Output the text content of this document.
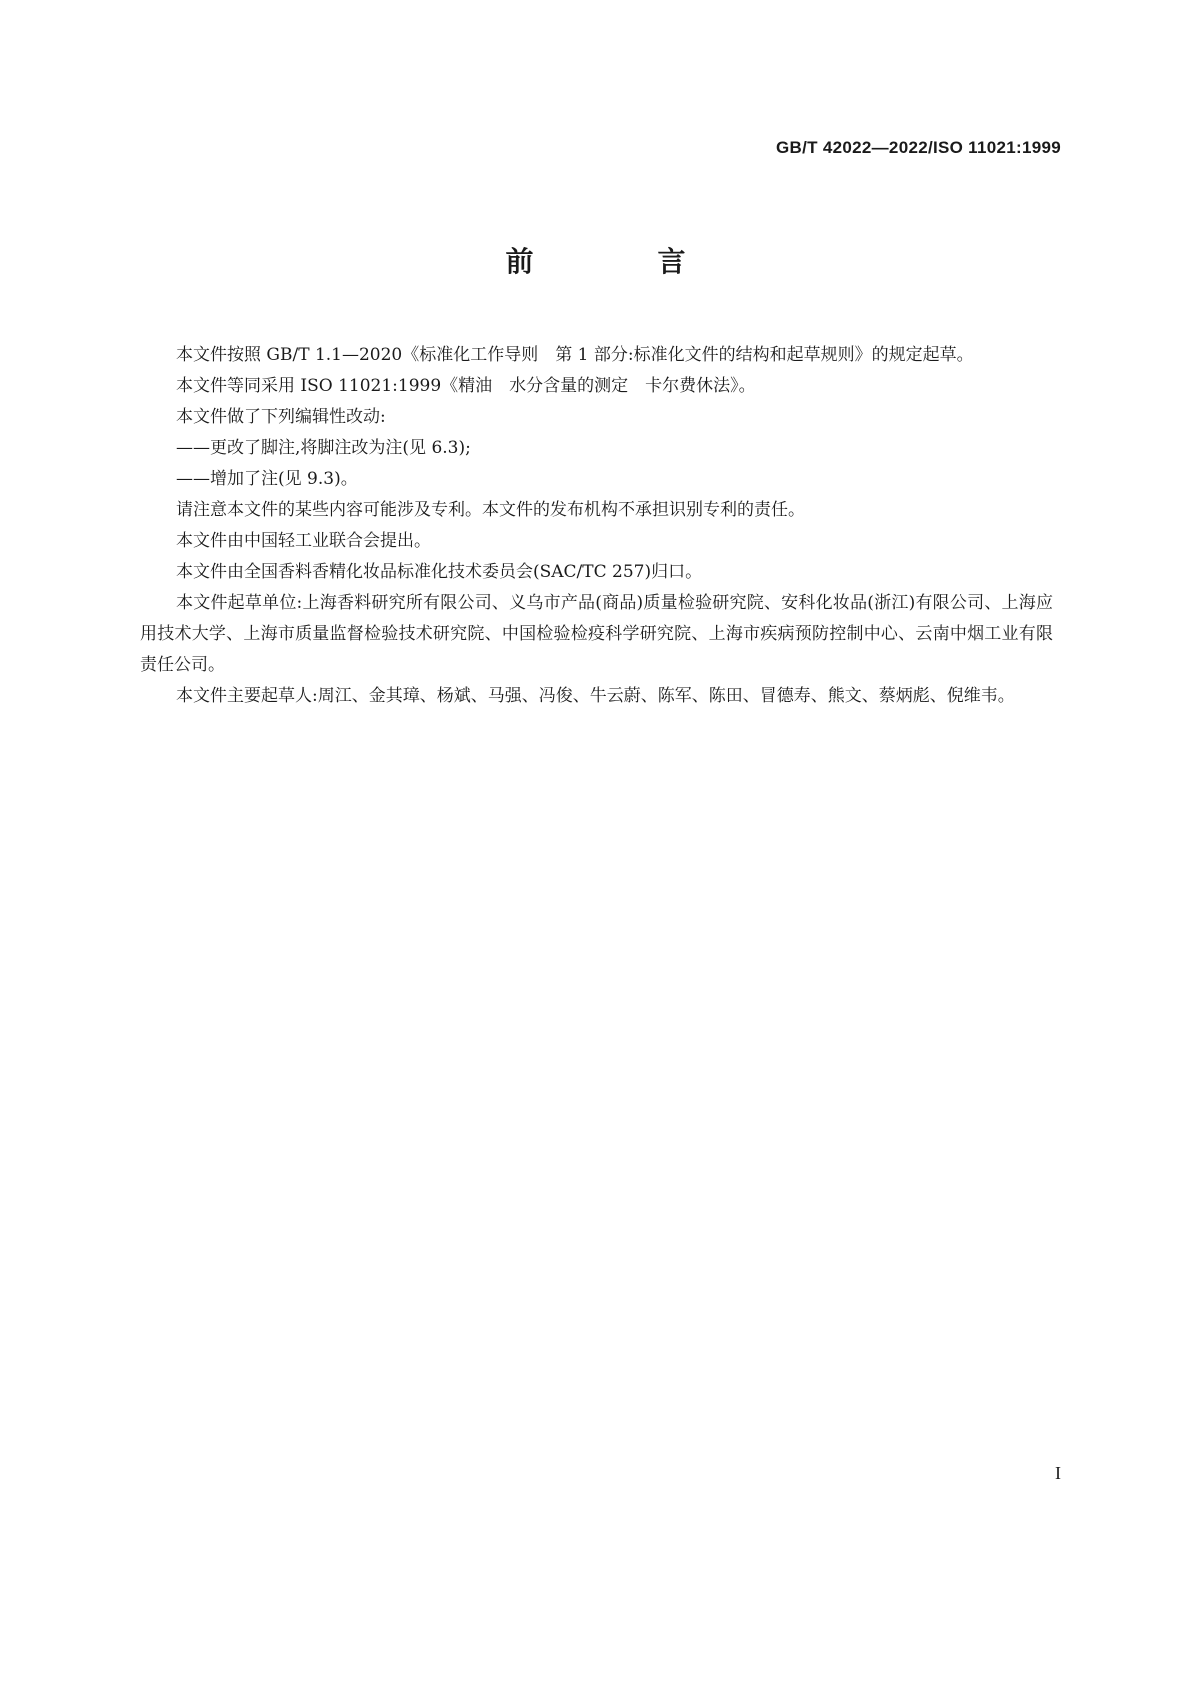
GB/T 42022—2022/ISO 11021:1999
前　言

本文件按照 GB/T 1.1—2020《标准化工作导则　第 1 部分:标准化文件的结构和起草规则》的规定起草。

本文件等同采用 ISO 11021:1999《精油　水分含量的测定　卡尔费休法》。

本文件做了下列编辑性改动:

——更改了脚注,将脚注改为注(见 6.3);

——增加了注(见 9.3)。

请注意本文件的某些内容可能涉及专利。本文件的发布机构不承担识别专利的责任。

本文件由中国轻工业联合会提出。

本文件由全国香料香精化妆品标准化技术委员会(SAC/TC 257)归口。

本文件起草单位:上海香料研究所有限公司、义乌市产品(商品)质量检验研究院、安科化妆品(浙江)有限公司、上海应用技术大学、上海市质量监督检验技术研究院、中国检验检疫科学研究院、上海市疾病预防控制中心、云南中烟工业有限责任公司。

本文件主要起草人:周江、金其璋、杨斌、马强、冯俊、牛云蔚、陈军、陈田、冒德寿、熊文、蔡炳彪、倪维韦。

I
